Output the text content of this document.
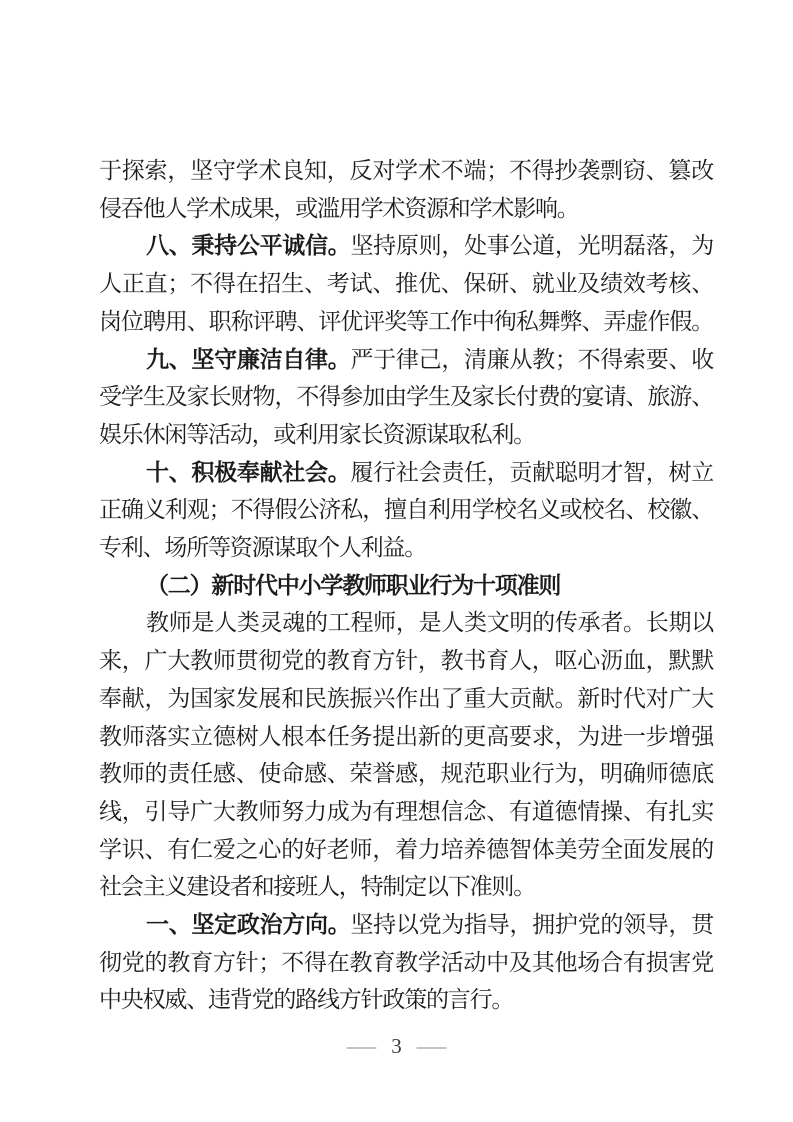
于探索，坚守学术良知，反对学术不端；不得抄袭剽窃、篡改
侵吞他人学术成果，或滥用学术资源和学术影响。
八、秉持公平诚信。坚持原则，处事公道，光明磊落，为
人正直；不得在招生、考试、推优、保研、就业及绩效考核、
岗位聘用、职称评聘、评优评奖等工作中徇私舞弊、弄虚作假。
九、坚守廉洁自律。严于律己，清廉从教；不得索要、收
受学生及家长财物，不得参加由学生及家长付费的宴请、旅游、
娱乐休闲等活动，或利用家长资源谋取私利。
十、积极奉献社会。履行社会责任，贡献聪明才智，树立
正确义利观；不得假公济私，擅自利用学校名义或校名、校徽、
专利、场所等资源谋取个人利益。
（二）新时代中小学教师职业行为十项准则
教师是人类灵魂的工程师，是人类文明的传承者。长期以
来，广大教师贯彻党的教育方针，教书育人，呕心沥血，默默
奉献，为国家发展和民族振兴作出了重大贡献。新时代对广大
教师落实立德树人根本任务提出新的更高要求，为进一步增强
教师的责任感、使命感、荣誉感，规范职业行为，明确师德底
线，引导广大教师努力成为有理想信念、有道德情操、有扎实
学识、有仁爱之心的好老师，着力培养德智体美劳全面发展的
社会主义建设者和接班人，特制定以下准则。
一、坚定政治方向。坚持以党为指导，拥护党的领导，贯
彻党的教育方针；不得在教育教学活动中及其他场合有损害党
中央权威、违背党的路线方针政策的言行。
— 3 —
